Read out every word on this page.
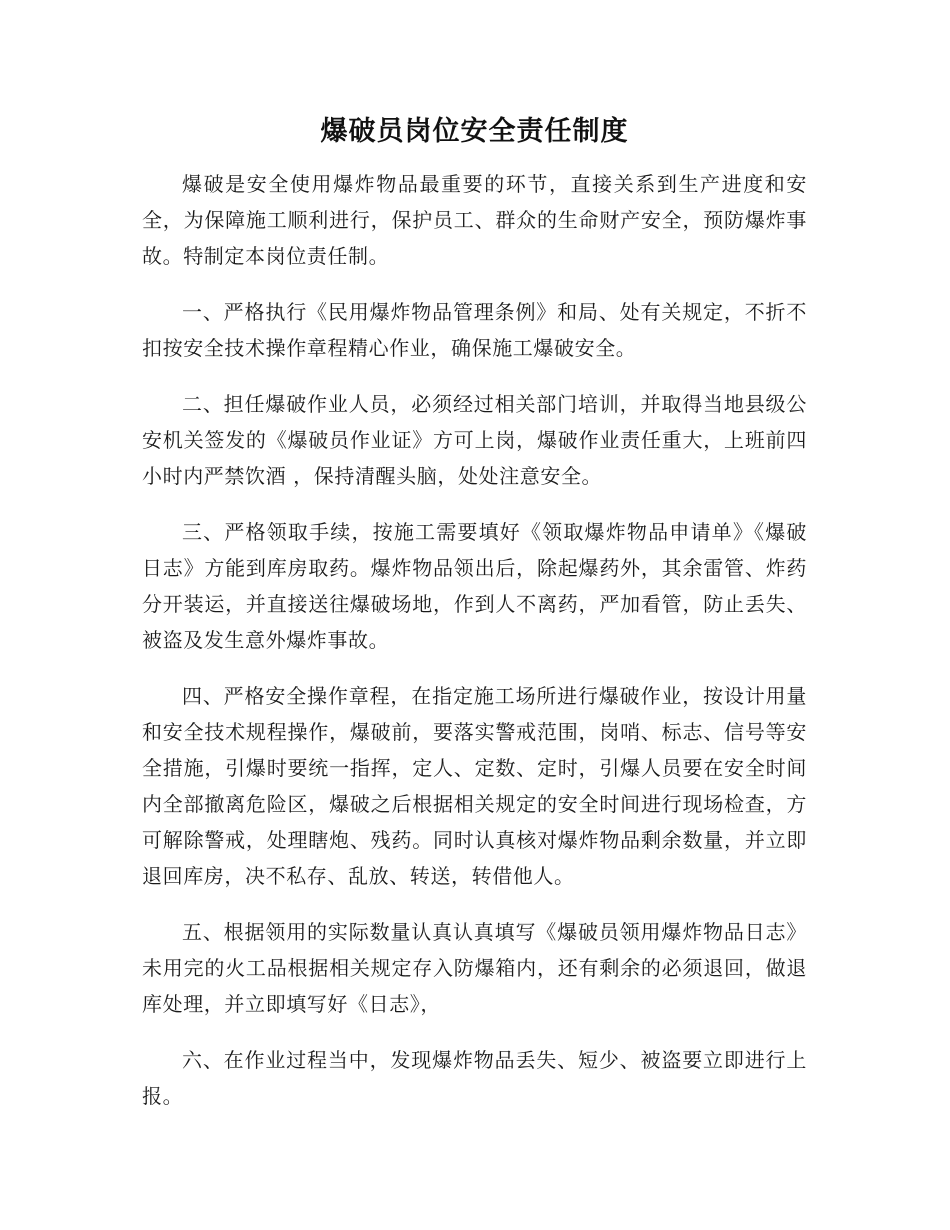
爆破员岗位安全责任制度

爆破是安全使用爆炸物品最重要的环节，直接关系到生产进度和安全，为保障施工顺利进行，保护员工、群众的生命财产安全，预防爆炸事故。特制定本岗位责任制。

一、严格执行《民用爆炸物品管理条例》和局、处有关规定，不折不扣按安全技术操作章程精心作业，确保施工爆破安全。

二、担任爆破作业人员，必须经过相关部门培训，并取得当地县级公安机关签发的《爆破员作业证》方可上岗，爆破作业责任重大，上班前四小时内严禁饮酒 ，保持清醒头脑，处处注意安全。

三、严格领取手续，按施工需要填好《领取爆炸物品申请单》《爆破日志》方能到库房取药。爆炸物品领出后，除起爆药外，其余雷管、炸药分开装运，并直接送往爆破场地，作到人不离药，严加看管，防止丢失、被盗及发生意外爆炸事故。

四、严格安全操作章程，在指定施工场所进行爆破作业，按设计用量和安全技术规程操作，爆破前，要落实警戒范围，岗哨、标志、信号等安全措施，引爆时要统一指挥，定人、定数、定时，引爆人员要在安全时间内全部撤离危险区，爆破之后根据相关规定的安全时间进行现场检查，方可解除警戒，处理瞎炮、残药。同时认真核对爆炸物品剩余数量，并立即退回库房，决不私存、乱放、转送，转借他人。

五、根据领用的实际数量认真认真填写《爆破员领用爆炸物品日志》未用完的火工品根据相关规定存入防爆箱内，还有剩余的必须退回，做退库处理，并立即填写好《日志》，

六、在作业过程当中，发现爆炸物品丢失、短少、被盗要立即进行上报。
